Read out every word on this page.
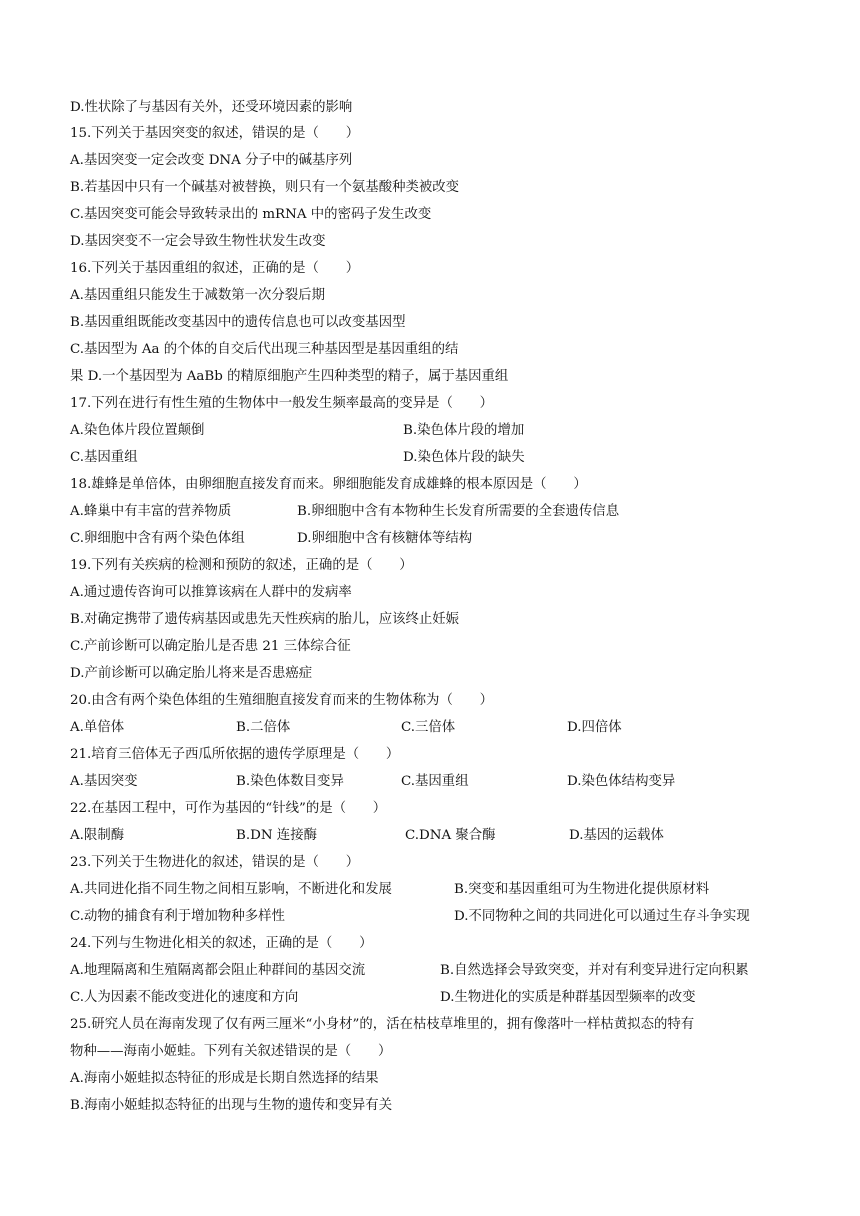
D.性状除了与基因有关外，还受环境因素的影响
15.下列关于基因突变的叙述，错误的是（　　）
A.基因突变一定会改变 DNA 分子中的碱基序列
B.若基因中只有一个碱基对被替换，则只有一个氨基酸种类被改变
C.基因突变可能会导致转录出的 mRNA 中的密码子发生改变
D.基因突变不一定会导致生物性状发生改变
16.下列关于基因重组的叙述，正确的是（　　）
A.基因重组只能发生于减数第一次分裂后期
B.基因重组既能改变基因中的遗传信息也可以改变基因型
C.基因型为 Aa 的个体的自交后代出现三种基因型是基因重组的结
果 D.一个基因型为 AaBb 的精原细胞产生四种类型的精子，属于基因重组
17.下列在进行有性生殖的生物体中一般发生频率最高的变异是（　　）
A.染色体片段位置颠倒	B.染色体片段的增加
C.基因重组	D.染色体片段的缺失
18.雄蜂是单倍体，由卵细胞直接发育而来。卵细胞能发育成雄蜂的根本原因是（　　）
A.蜂巢中有丰富的营养物质	B.卵细胞中含有本物种生长发育所需要的全套遗传信息
C.卵细胞中含有两个染色体组	D.卵细胞中含有核糖体等结构
19.下列有关疾病的检测和预防的叙述，正确的是（　　）
A.通过遗传咨询可以推算该病在人群中的发病率
B.对确定携带了遗传病基因或患先天性疾病的胎儿，应该终止妊娠
C.产前诊断可以确定胎儿是否患 21 三体综合征
D.产前诊断可以确定胎儿将来是否患癌症
20.由含有两个染色体组的生殖细胞直接发育而来的生物体称为（　　）
A.单倍体	B.二倍体	C.三倍体	D.四倍体
21.培育三倍体无子西瓜所依据的遗传学原理是（　　）
A.基因突变	B.染色体数目变异	C.基因重组	D.染色体结构变异
22.在基因工程中，可作为基因的“针线”的是（　　）
A.限制酶	B.DN 连接酶	C.DNA 聚合酶	D.基因的运载体
23.下列关于生物进化的叙述，错误的是（　　）
A.共同进化指不同生物之间相互影响，不断进化和发展	B.突变和基因重组可为生物进化提供原材料
C.动物的捕食有利于增加物种多样性	D.不同物种之间的共同进化可以通过生存斗争实现
24.下列与生物进化相关的叙述，正确的是（　　）
A.地理隔离和生殖隔离都会阻止种群间的基因交流	B.自然选择会导致突变，并对有利变异进行定向积累
C.人为因素不能改变进化的速度和方向	D.生物进化的实质是种群基因型频率的改变
25.研究人员在海南发现了仅有两三厘米“小身材”的，活在枯枝草堆里的，拥有像落叶一样枯黄拟态的特有
物种——海南小姬蛙。下列有关叙述错误的是（　　）
A.海南小姬蛙拟态特征的形成是长期自然选择的结果
B.海南小姬蛙拟态特征的出现与生物的遗传和变异有关
